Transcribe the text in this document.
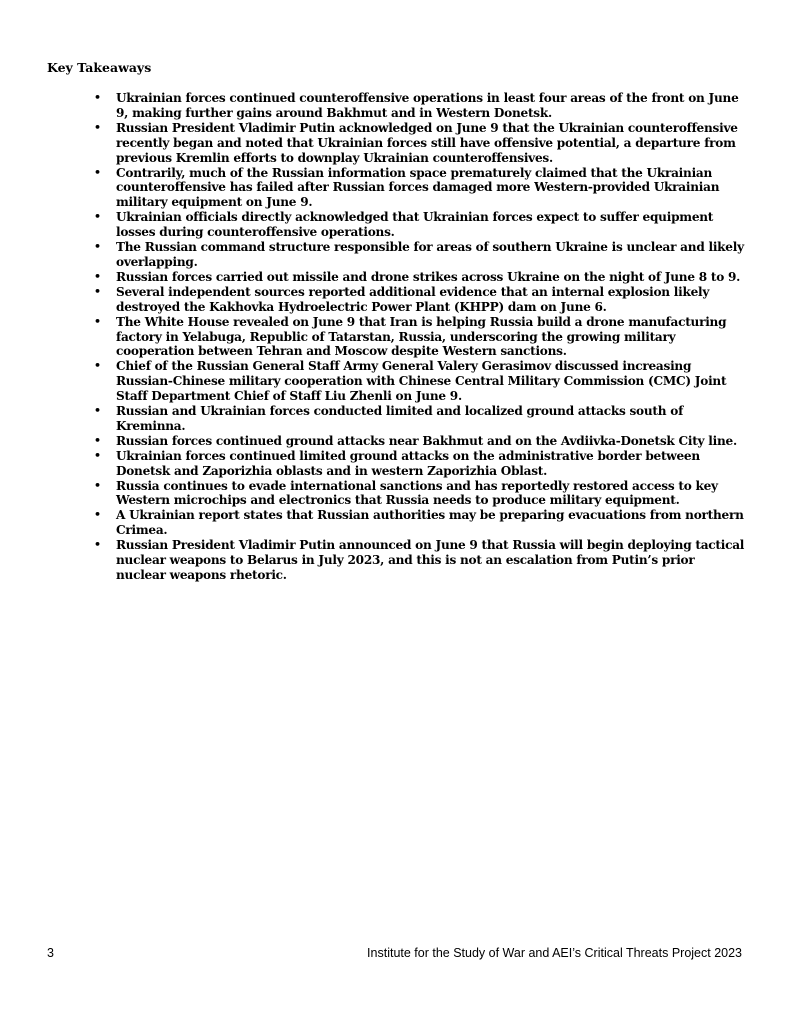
Key Takeaways
• Ukrainian forces continued counteroffensive operations in least four areas of the front on June 9, making further gains around Bakhmut and in Western Donetsk.
• Russian President Vladimir Putin acknowledged on June 9 that the Ukrainian counteroffensive recently began and noted that Ukrainian forces still have offensive potential, a departure from previous Kremlin efforts to downplay Ukrainian counteroffensives.
• Contrarily, much of the Russian information space prematurely claimed that the Ukrainian counteroffensive has failed after Russian forces damaged more Western-provided Ukrainian military equipment on June 9.
• Ukrainian officials directly acknowledged that Ukrainian forces expect to suffer equipment losses during counteroffensive operations.
• The Russian command structure responsible for areas of southern Ukraine is unclear and likely overlapping.
• Russian forces carried out missile and drone strikes across Ukraine on the night of June 8 to 9.
• Several independent sources reported additional evidence that an internal explosion likely destroyed the Kakhovka Hydroelectric Power Plant (KHPP) dam on June 6.
• The White House revealed on June 9 that Iran is helping Russia build a drone manufacturing factory in Yelabuga, Republic of Tatarstan, Russia, underscoring the growing military cooperation between Tehran and Moscow despite Western sanctions.
• Chief of the Russian General Staff Army General Valery Gerasimov discussed increasing Russian-Chinese military cooperation with Chinese Central Military Commission (CMC) Joint Staff Department Chief of Staff Liu Zhenli on June 9.
• Russian and Ukrainian forces conducted limited and localized ground attacks south of Kreminna.
• Russian forces continued ground attacks near Bakhmut and on the Avdiivka-Donetsk City line.
• Ukrainian forces continued limited ground attacks on the administrative border between Donetsk and Zaporizhia oblasts and in western Zaporizhia Oblast.
• Russia continues to evade international sanctions and has reportedly restored access to key Western microchips and electronics that Russia needs to produce military equipment.
• A Ukrainian report states that Russian authorities may be preparing evacuations from northern Crimea.
• Russian President Vladimir Putin announced on June 9 that Russia will begin deploying tactical nuclear weapons to Belarus in July 2023, and this is not an escalation from Putin’s prior nuclear weapons rhetoric.
3	Institute for the Study of War and AEI’s Critical Threats Project 2023
